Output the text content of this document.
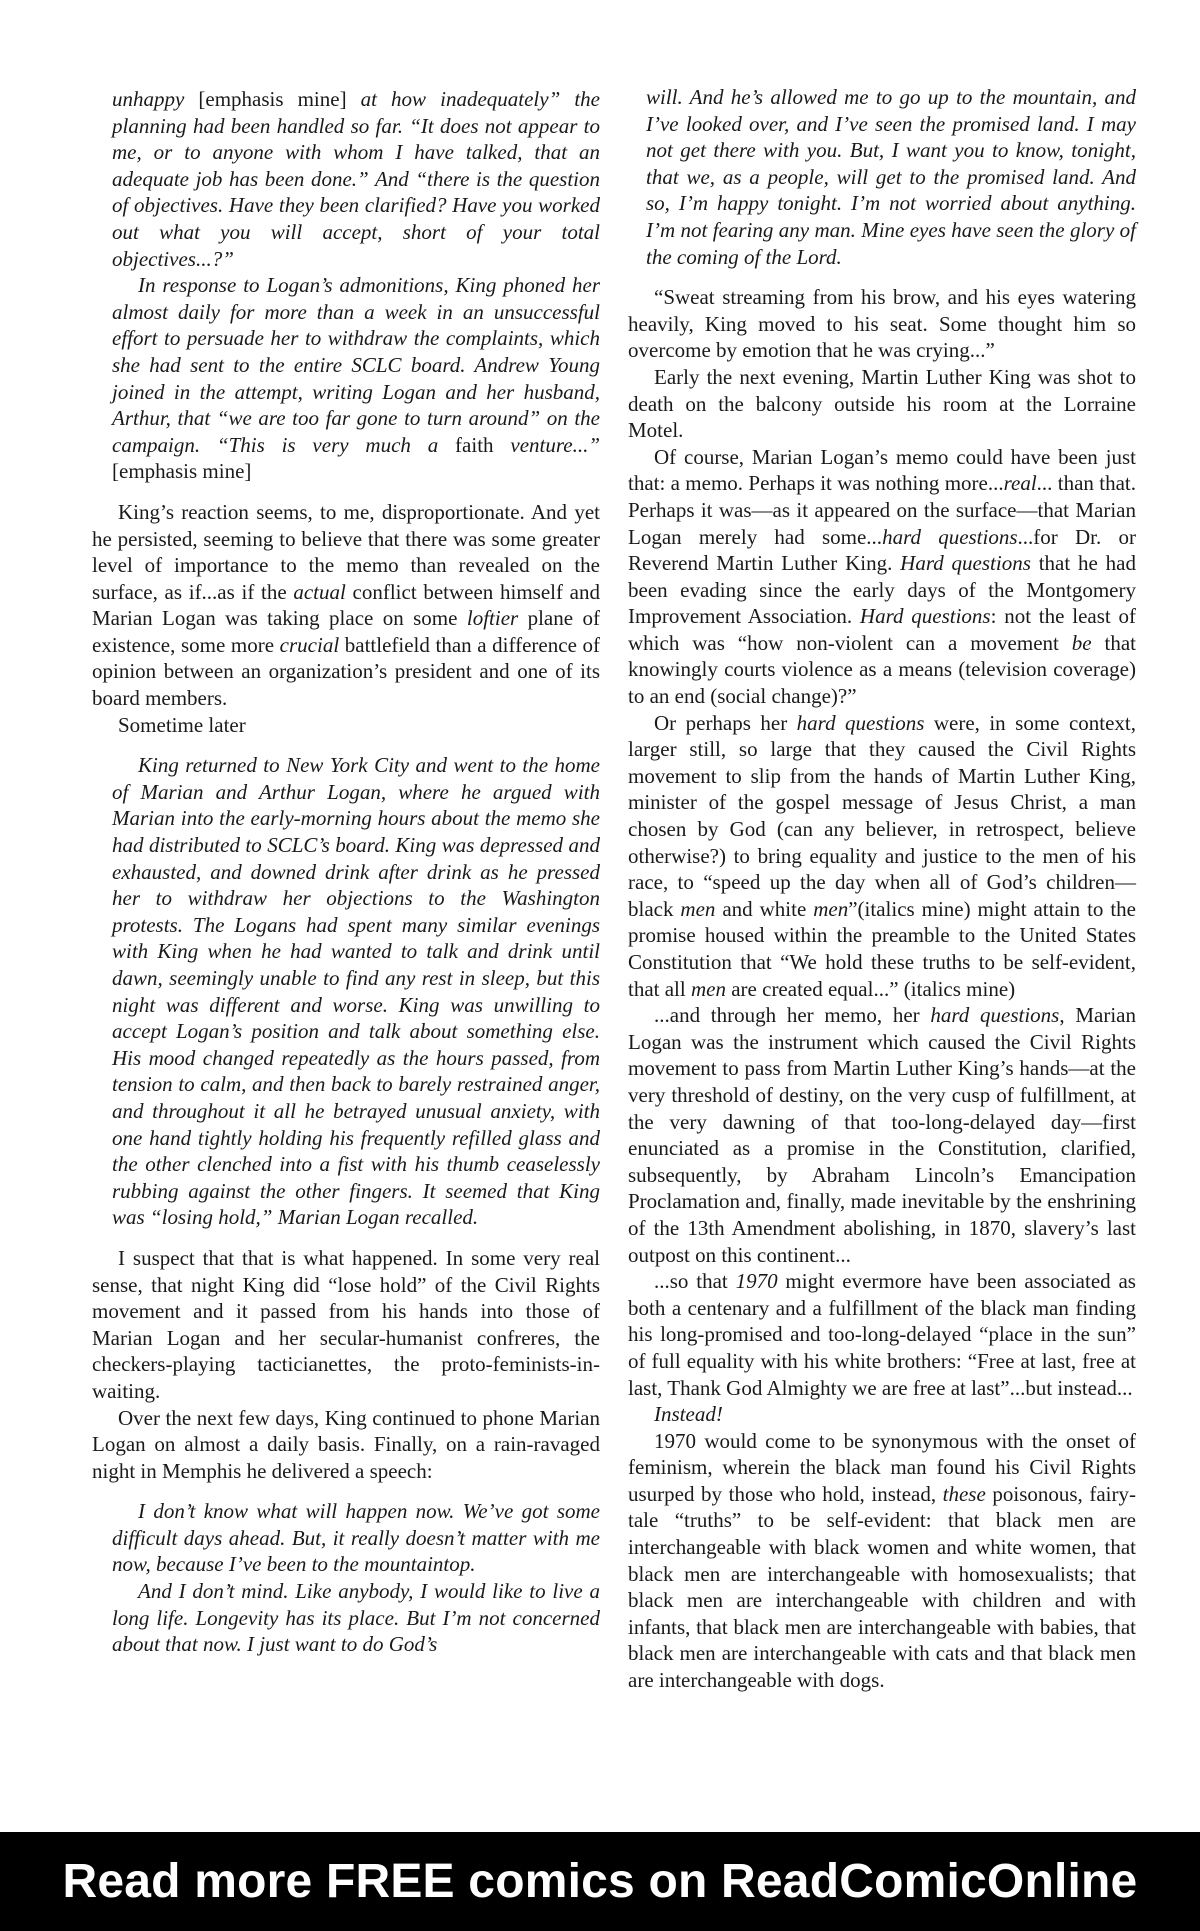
unhappy [emphasis mine] at how inadequately” the planning had been handled so far. “It does not appear to me, or to anyone with whom I have talked, that an adequate job has been done.” And “there is the question of objectives. Have they been clarified? Have you worked out what you will accept, short of your total objectives...?”

In response to Logan’s admonitions, King phoned her almost daily for more than a week in an unsuccessful effort to persuade her to withdraw the complaints, which she had sent to the entire SCLC board. Andrew Young joined in the attempt, writing Logan and her husband, Arthur, that “we are too far gone to turn around” on the campaign. “This is very much a faith venture...” [emphasis mine]

King’s reaction seems, to me, disproportionate. And yet he persisted, seeming to believe that there was some greater level of importance to the memo than revealed on the surface, as if...as if the actual conflict between himself and Marian Logan was taking place on some loftier plane of existence, some more crucial battlefield than a difference of opinion between an organization’s president and one of its board members.

Sometime later

King returned to New York City and went to the home of Marian and Arthur Logan, where he argued with Marian into the early-morning hours about the memo she had distributed to SCLC’s board. King was depressed and exhausted, and downed drink after drink as he pressed her to withdraw her objections to the Washington protests. The Logans had spent many similar evenings with King when he had wanted to talk and drink until dawn, seemingly unable to find any rest in sleep, but this night was different and worse. King was unwilling to accept Logan’s position and talk about something else. His mood changed repeatedly as the hours passed, from tension to calm, and then back to barely restrained anger, and throughout it all he betrayed unusual anxiety, with one hand tightly holding his frequently refilled glass and the other clenched into a fist with his thumb ceaselessly rubbing against the other fingers. It seemed that King was “losing hold,” Marian Logan recalled.

I suspect that that is what happened. In some very real sense, that night King did “lose hold” of the Civil Rights movement and it passed from his hands into those of Marian Logan and her secular-humanist confreres, the checkers-playing tacticianettes, the proto-feminists-in-waiting.

Over the next few days, King continued to phone Marian Logan on almost a daily basis. Finally, on a rain-ravaged night in Memphis he delivered a speech:

I don’t know what will happen now. We’ve got some difficult days ahead. But, it really doesn’t matter with me now, because I’ve been to the mountaintop.

And I don’t mind. Like anybody, I would like to live a long life. Longevity has its place. But I’m not concerned about that now. I just want to do God’s

will. And he’s allowed me to go up to the mountain, and I’ve looked over, and I’ve seen the promised land. I may not get there with you. But, I want you to know, tonight, that we, as a people, will get to the promised land. And so, I’m happy tonight. I’m not worried about anything. I’m not fearing any man. Mine eyes have seen the glory of the coming of the Lord.

“Sweat streaming from his brow, and his eyes watering heavily, King moved to his seat. Some thought him so overcome by emotion that he was crying...”

Early the next evening, Martin Luther King was shot to death on the balcony outside his room at the Lorraine Motel.

Of course, Marian Logan’s memo could have been just that: a memo. Perhaps it was nothing more...real... than that. Perhaps it was—as it appeared on the surface—that Marian Logan merely had some...hard questions...for Dr. or Reverend Martin Luther King. Hard questions that he had been evading since the early days of the Montgomery Improvement Association. Hard questions: not the least of which was “how non-violent can a movement be that knowingly courts violence as a means (television coverage) to an end (social change)?”

Or perhaps her hard questions were, in some context, larger still, so large that they caused the Civil Rights movement to slip from the hands of Martin Luther King, minister of the gospel message of Jesus Christ, a man chosen by God (can any believer, in retrospect, believe otherwise?) to bring equality and justice to the men of his race, to “speed up the day when all of God’s children—black men and white men”(italics mine) might attain to the promise housed within the preamble to the United States Constitution that “We hold these truths to be self-evident, that all men are created equal...” (italics mine)

...and through her memo, her hard questions, Marian Logan was the instrument which caused the Civil Rights movement to pass from Martin Luther King’s hands—at the very threshold of destiny, on the very cusp of fulfillment, at the very dawning of that too-long-delayed day—first enunciated as a promise in the Constitution, clarified, subsequently, by Abraham Lincoln’s Emancipation Proclamation and, finally, made inevitable by the enshrining of the 13th Amendment abolishing, in 1870, slavery’s last outpost on this continent...

...so that 1970 might evermore have been associated as both a centenary and a fulfillment of the black man finding his long-promised and too-long-delayed “place in the sun” of full equality with his white brothers: “Free at last, free at last, Thank God Almighty we are free at last”...but instead...

Instead!

1970 would come to be synonymous with the onset of feminism, wherein the black man found his Civil Rights usurped by those who hold, instead, these poisonous, fairy-tale “truths” to be self-evident: that black men are interchangeable with black women and white women, that black men are interchangeable with homosexualists; that black men are interchangeable with children and with infants, that black men are interchangeable with babies, that black men are interchangeable with cats and that black men are interchangeable with dogs.

Read more FREE comics on ReadComicOnline
